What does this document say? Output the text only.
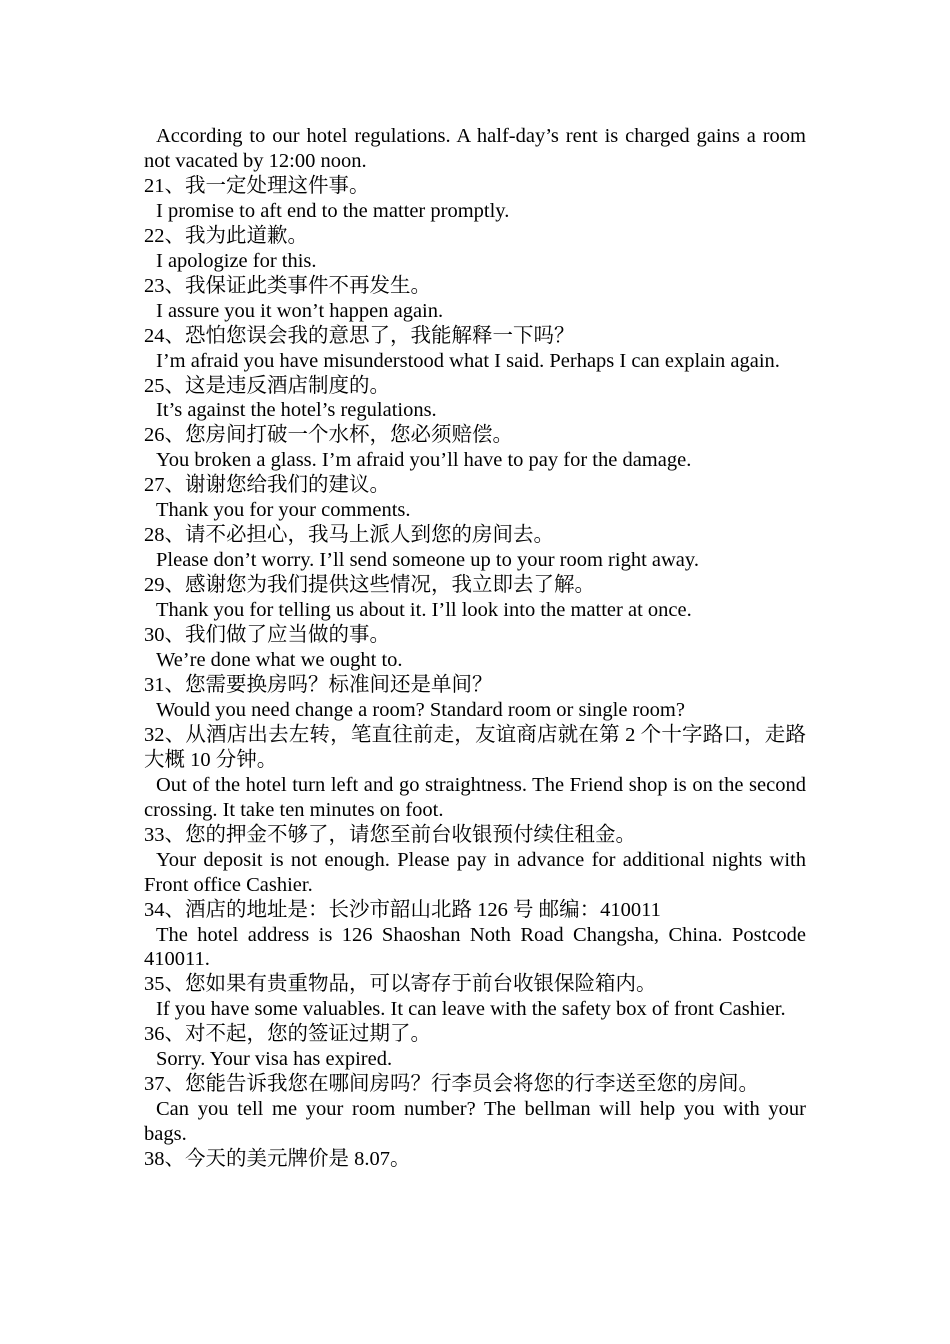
According to our hotel regulations. A half-day’s rent is charged gains a room not vacated by 12:00 noon.

21、我一定处理这件事。

I promise to aft end to the matter promptly.

22、我为此道歉。

I apologize for this.

23、我保证此类事件不再发生。

I assure you it won’t happen again.

24、恐怕您误会我的意思了，我能解释一下吗？

I’m afraid you have misunderstood what I said. Perhaps I can explain again.

25、这是违反酒店制度的。

It’s against the hotel’s regulations.

26、您房间打破一个水杯，您必须赔偿。

You broken a glass. I’m afraid you’ll have to pay for the damage.

27、谢谢您给我们的建议。

Thank you for your comments.

28、请不必担心，我马上派人到您的房间去。

Please don’t worry. I’ll send someone up to your room right away.

29、感谢您为我们提供这些情况，我立即去了解。

Thank you for telling us about it. I’ll look into the matter at once.

30、我们做了应当做的事。

We’re done what we ought to.

31、您需要换房吗？标准间还是单间？

Would you need change a room? Standard room or single room?

32、从酒店出去左转，笔直往前走，友谊商店就在第 2 个十字路口，走路大概 10 分钟。

Out of the hotel turn left and go straightness. The Friend shop is on the second crossing. It take ten minutes on foot.

33、您的押金不够了，请您至前台收银预付续住租金。

Your deposit is not enough. Please pay in advance for additional nights with Front office Cashier.

34、酒店的地址是：长沙市韶山北路 126 号 邮编：410011

The hotel address is 126 Shaoshan Noth Road Changsha, China. Postcode 410011.

35、您如果有贵重物品，可以寄存于前台收银保险箱内。

If you have some valuables. It can leave with the safety box of front Cashier.

36、对不起，您的签证过期了。

Sorry. Your visa has expired.

37、您能告诉我您在哪间房吗？行李员会将您的行李送至您的房间。

Can you tell me your room number? The bellman will help you with your bags.

38、今天的美元牌价是 8.07。
